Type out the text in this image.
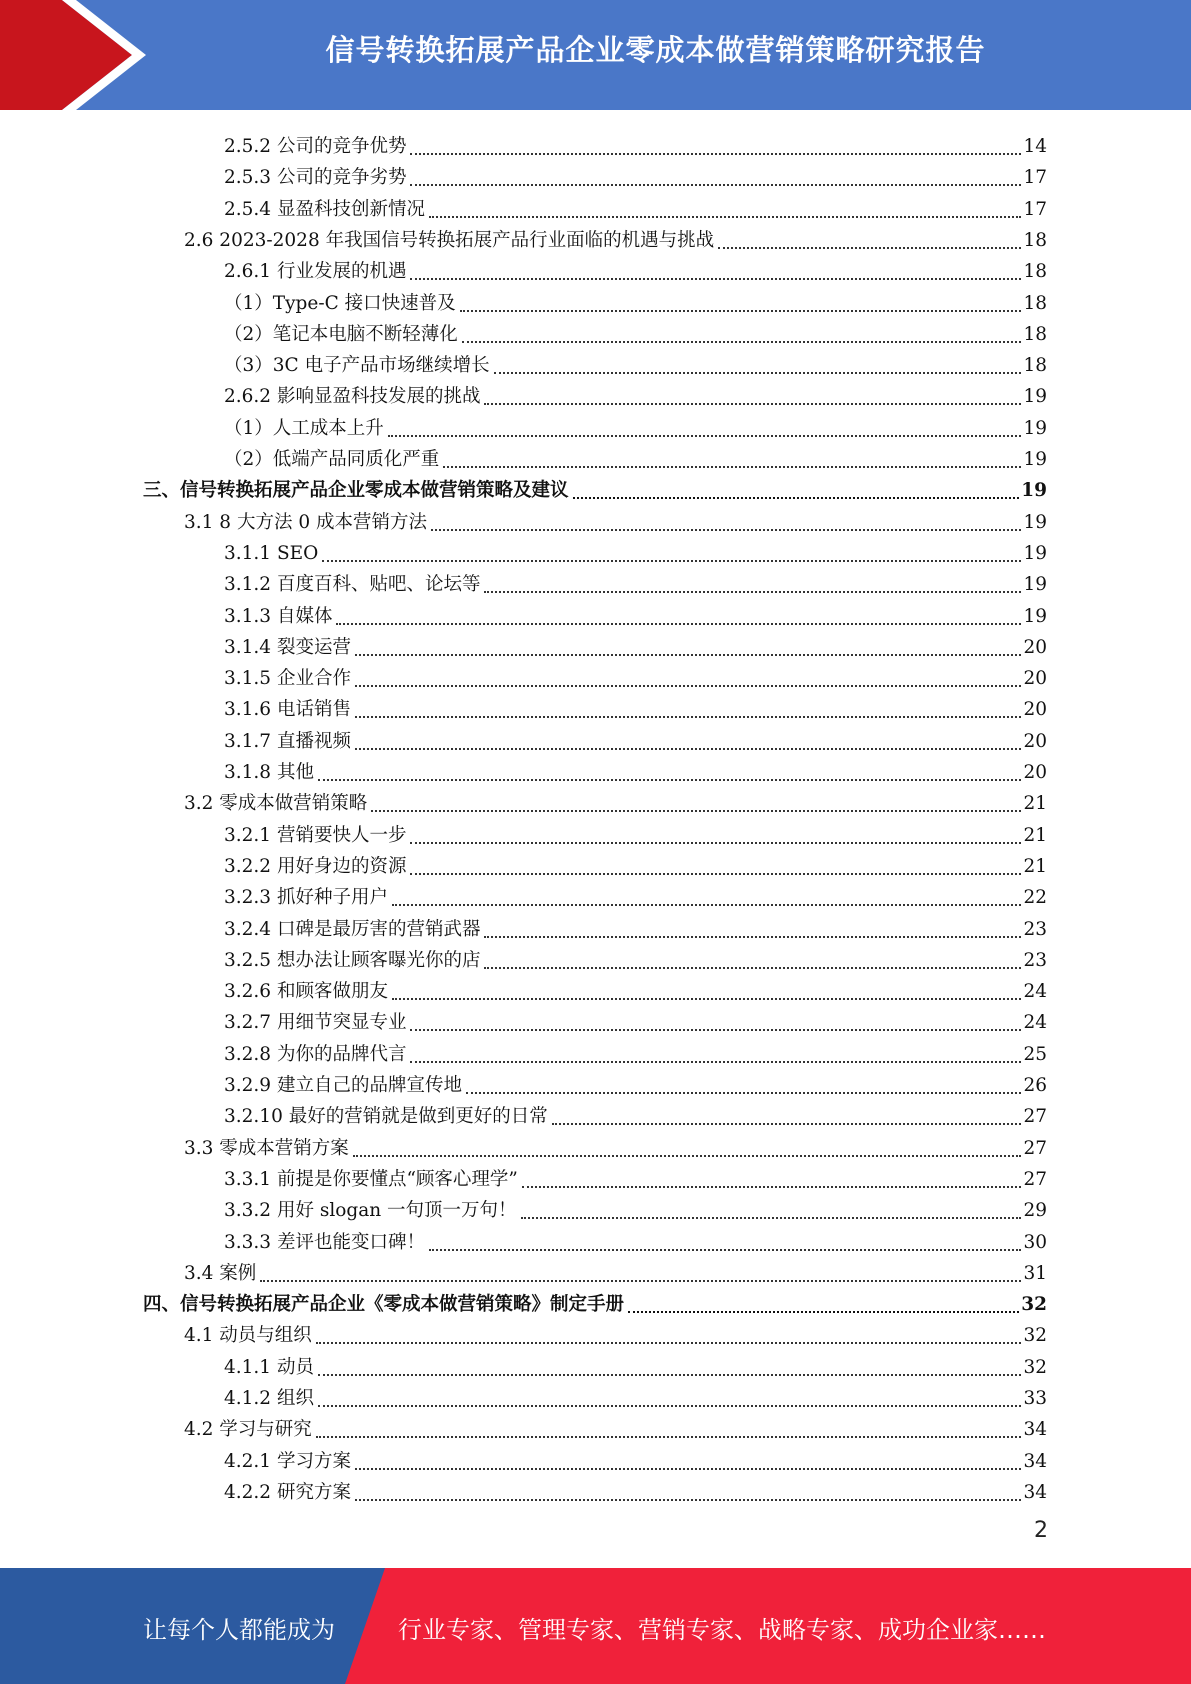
信号转换拓展产品企业零成本做营销策略研究报告
2.5.2 公司的竞争优势	14
2.5.3 公司的竞争劣势	17
2.5.4 显盈科技创新情况	17
2.6 2023-2028 年我国信号转换拓展产品行业面临的机遇与挑战	18
2.6.1 行业发展的机遇	18
（1）Type-C 接口快速普及	18
（2）笔记本电脑不断轻薄化	18
（3）3C 电子产品市场继续增长	18
2.6.2 影响显盈科技发展的挑战	19
（1）人工成本上升	19
（2）低端产品同质化严重	19
三、信号转换拓展产品企业零成本做营销策略及建议	19
3.1 8 大方法 0 成本营销方法	19
3.1.1 SEO	19
3.1.2 百度百科、贴吧、论坛等	19
3.1.3 自媒体	19
3.1.4 裂变运营	20
3.1.5 企业合作	20
3.1.6 电话销售	20
3.1.7 直播视频	20
3.1.8 其他	20
3.2 零成本做营销策略	21
3.2.1 营销要快人一步	21
3.2.2 用好身边的资源	21
3.2.3 抓好种子用户	22
3.2.4 口碑是最厉害的营销武器	23
3.2.5 想办法让顾客曝光你的店	23
3.2.6 和顾客做朋友	24
3.2.7 用细节突显专业	24
3.2.8 为你的品牌代言	25
3.2.9 建立自己的品牌宣传地	26
3.2.10 最好的营销就是做到更好的日常	27
3.3 零成本营销方案	27
3.3.1 前提是你要懂点“顾客心理学”	27
3.3.2 用好 slogan 一句顶一万句！	29
3.3.3 差评也能变口碑！	30
3.4 案例	31
四、信号转换拓展产品企业《零成本做营销策略》制定手册	32
4.1 动员与组织	32
4.1.1 动员	32
4.1.2 组织	33
4.2 学习与研究	34
4.2.1 学习方案	34
4.2.2 研究方案	34
2
让每个人都能成为	行业专家、管理专家、营销专家、战略专家、成功企业家……
